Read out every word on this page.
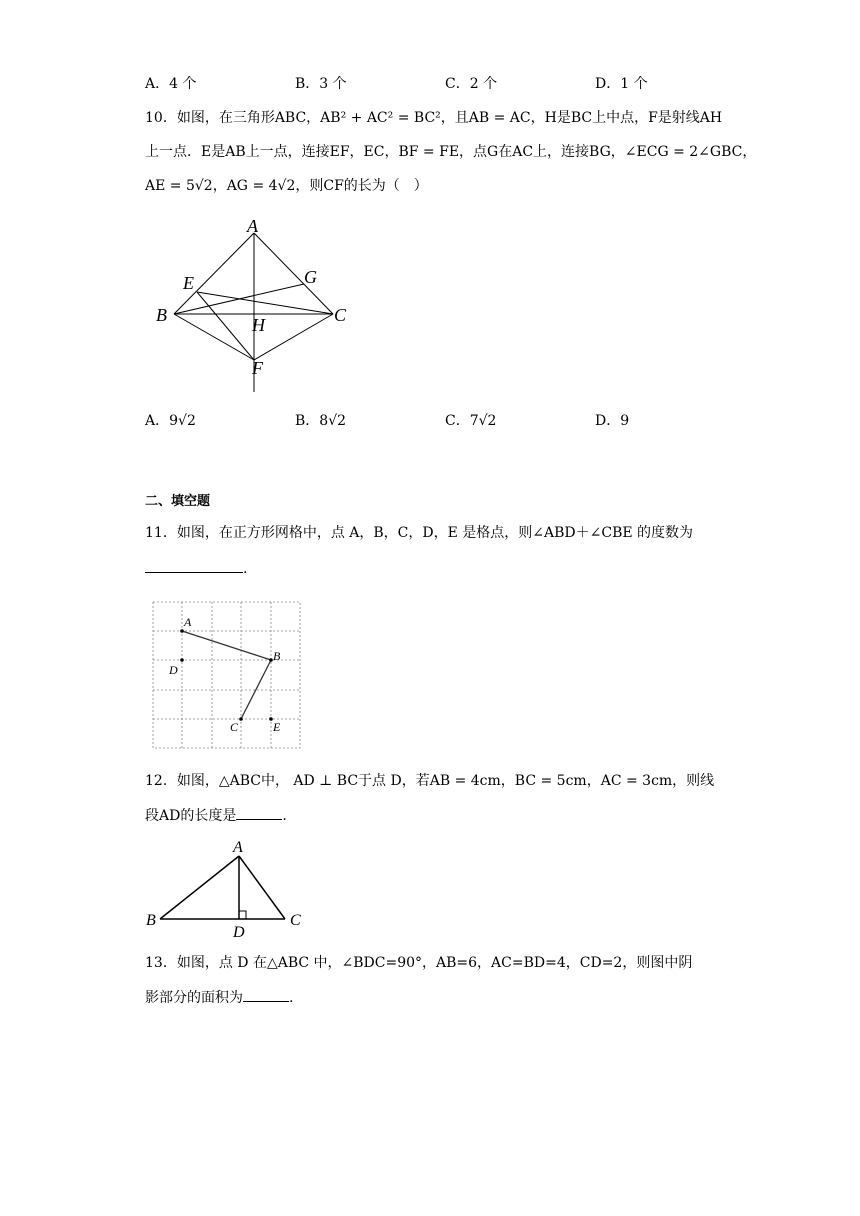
A．4 个	B．3 个	C．2 个	D．1 个
10．如图，在三角形ABC，AB² + AC² = BC²，且AB = AC，H是BC上中点，F是射线AH
上一点．E是AB上一点，连接EF，EC，BF = FE，点G在AC上，连接BG，∠ECG = 2∠GBC，
AE = 5√2，AG = 4√2，则CF的长为（　）
A
E	G
B	H	C
F
A．9√2	B．8√2	C．7√2	D．9
二、填空题
11．如图，在正方形网格中，点 A，B，C，D，E 是格点，则∠ABD＋∠CBE 的度数为
.
A
B
D
C	E
12．如图，△ABC中， AD ⊥ BC于点 D，若AB = 4cm，BC = 5cm，AC = 3cm，则线
段AD的长度是	.
A
B
D
C
13．如图，点 D 在△ABC 中，∠BDC=90°，AB=6，AC=BD=4，CD=2，则图中阴
影部分的面积为	.
